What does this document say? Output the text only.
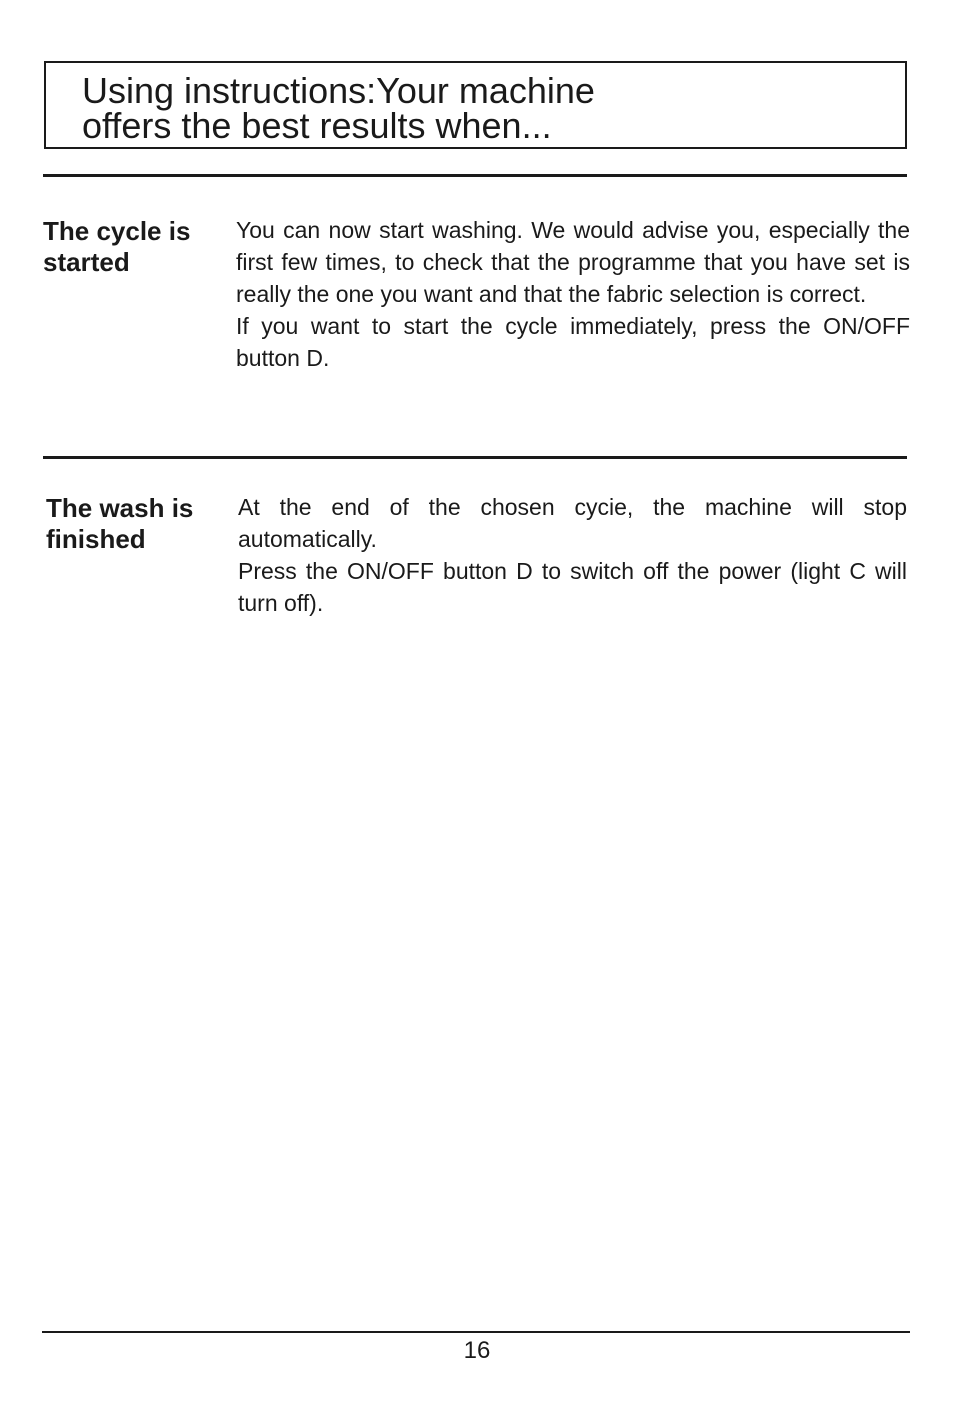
Using instructions:Your machine
offers the best results when...
The cycle is
started

You can now start washing. We would advise you, especially the first few times, to check that the programme that you have set is really the one you want and that the fabric selection is correct.

If you want to start the cycle immediately, press the ON/OFF button D.

The wash is
finished

At the end of the chosen cycie, the machine will stop automatically.

Press the ON/OFF button D to switch off the power (light C will turn off).

16
